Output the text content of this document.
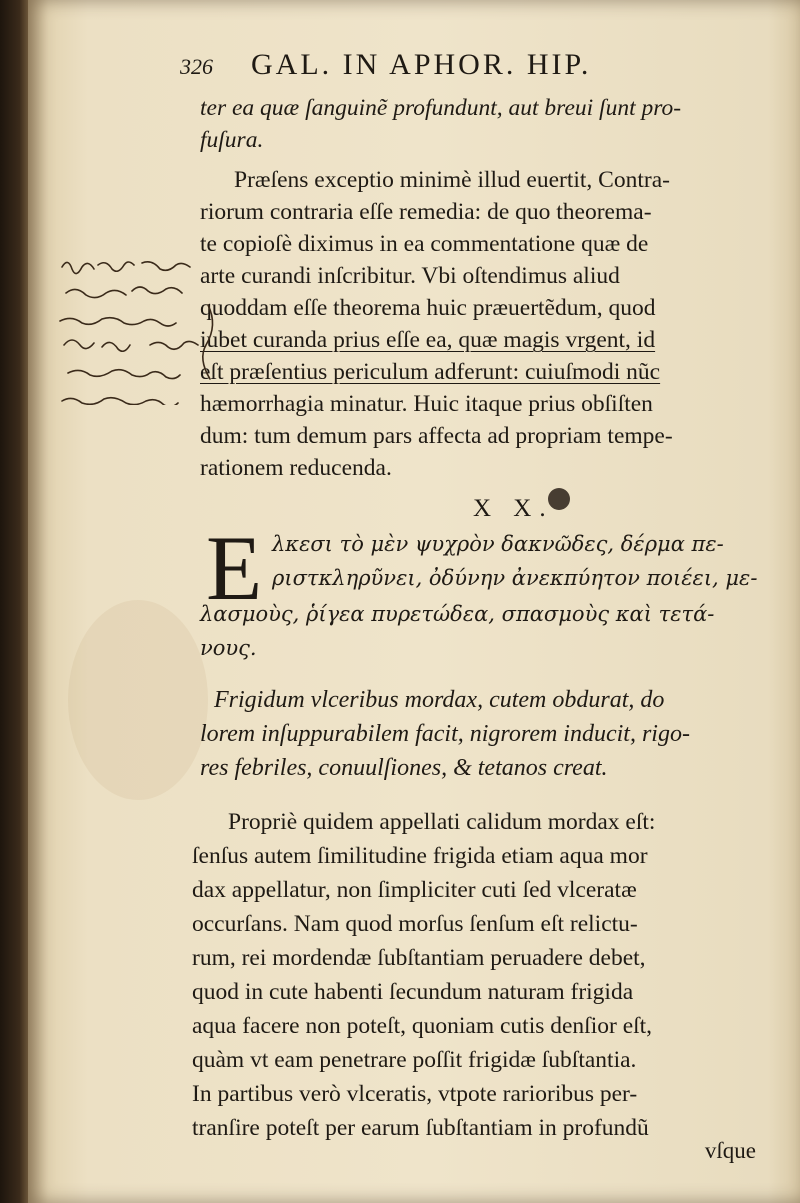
326 GAL. IN APHOR. HIP.
ter ea quæ ſanguinẽ profundunt, aut breui ſunt pro-
fuſura.
Præſens exceptio minimè illud euertit, Contra-
riorum contraria eſſe remedia: de quo theorema-
te copioſè diximus in ea commentatione quæ de
arte curandi inſcribitur. Vbi oſtendimus aliud
quoddam eſſe theorema huic præuertẽdum, quod
iubet curanda prius eſſe ea, quæ magis vrgent, id
eſt præſentius periculum adferunt: cuiuſmodi nũc
hæmorrhagia minatur. Huic itaque prius obſiſten
dum: tum demum pars affecta ad propriam tempe-
rationem reducenda.
X X.
E λκεσι τὸ μὲν ψυχρὸν δακνῶδες, δέρμα πε-
ριστκληρῦνει, ὀδύνην ἀνεκπύητον ποιέει, με-
λασμοὺς, ῥίγεα πυρετώδεα, σπασμοὺς καὶ τετά-
νους.
Frigidum vlceribus mordax, cutem obdurat, do
lorem inſuppurabilem facit, nigrorem inducit, rigo-
res febriles, conuulſiones, & tetanos creat.
Propriè quidem appellati calidum mordax eſt:
ſenſus autem ſimilitudine frigida etiam aqua mor
dax appellatur, non ſimpliciter cuti ſed vlceratæ
occurſans. Nam quod morſus ſenſum eſt relictu-
rum, rei mordendæ ſubſtantiam peruadere debet,
quod in cute habenti ſecundum naturam frigida
aqua facere non poteſt, quoniam cutis denſior eſt,
quàm vt eam penetrare poſſit frigidæ ſubſtantia.
In partibus verò vlceratis, vtpote rarioribus per-
tranſire poteſt per earum ſubſtantiam in profundũ
vſque
